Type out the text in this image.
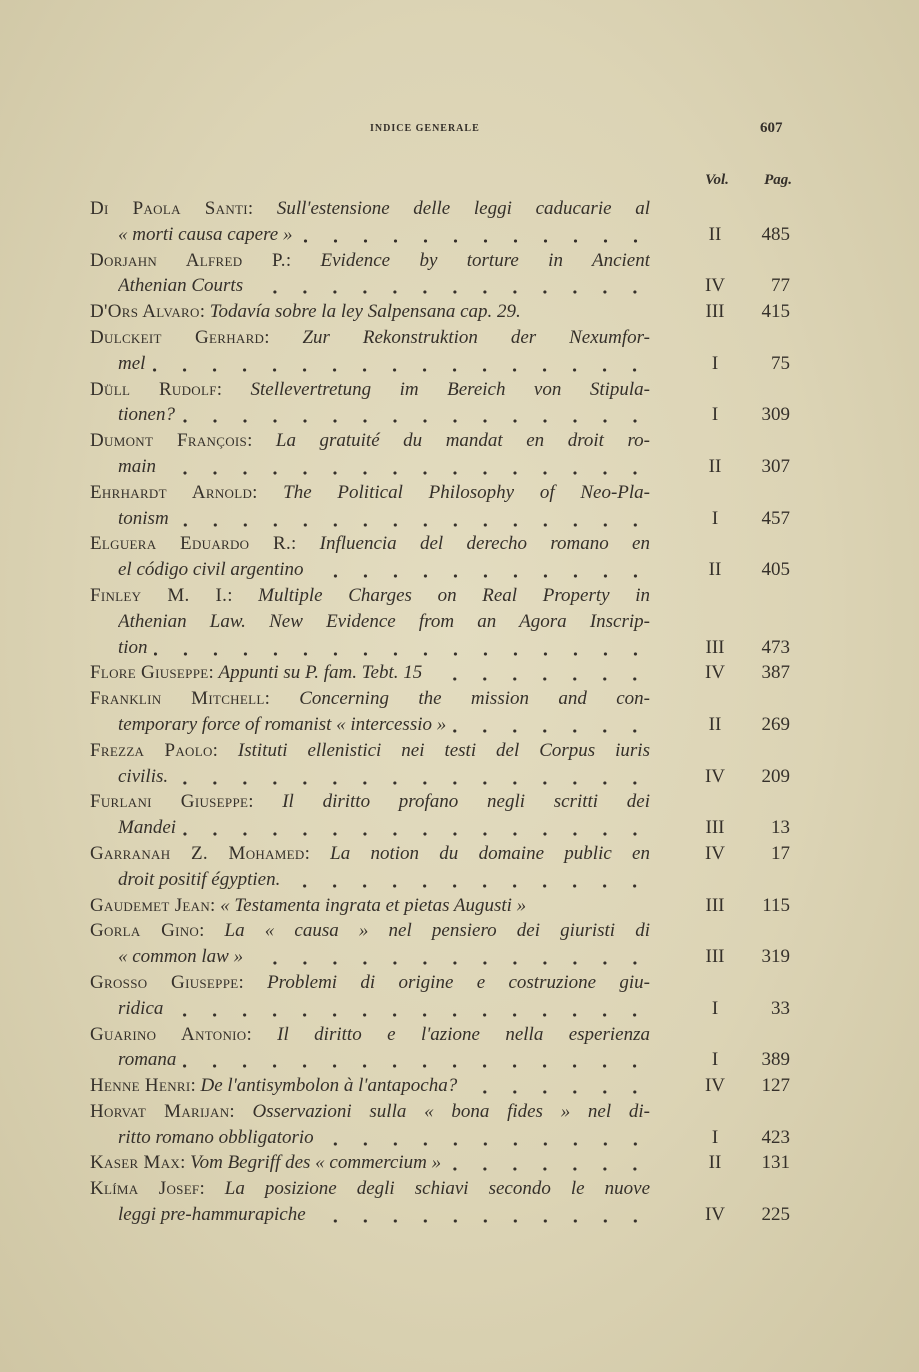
INDICE GENERALE	607
Vol.	Pag.
Di Paola Santi: Sull'estensione delle leggi caducarie al
« morti causa capere »	II	485
Dorjahn Alfred P.: Evidence by torture in Ancient
Athenian Courts	IV	77
D'Ors Alvaro : Todavía sobre la ley Salpensana cap. 29.	III	415
Dulckeit Gerhard: Zur Rekonstruktion der Nexumfor-
mel	I	75
Düll Rudolf: Stellevertretung im Bereich von Stipula-
tionen?	I	309
Dumont François: La gratuité du mandat en droit ro-
main	II	307
Ehrhardt Arnold: The Political Philosophy of Neo-Pla-
tonism	I	457
Elguera Eduardo R.: Influencia del derecho romano en
el código civil argentino	II	405
Finley M. I.: Multiple Charges on Real Property in
Athenian Law. New Evidence from an Agora Inscrip-
tion	III	473
Flore Giuseppe : Appunti su P. fam. Tebt. 15	IV	387
Franklin Mitchell: Concerning the mission and con-
temporary force of romanist « intercessio »	II	269
Frezza Paolo: Istituti ellenistici nei testi del Corpus iuris
civilis.	IV	209
Furlani Giuseppe: Il diritto profano negli scritti dei
Mandei	III	13
Garranah Z. Mohamed: La notion du domaine public en	IV	17
droit positif égyptien.
Gaudemet Jean : « Testamenta ingrata et pietas Augusti »	III	115
Gorla Gino: La « causa » nel pensiero dei giuristi di
« common law »	III	319
Grosso Giuseppe: Problemi di origine e costruzione giu-
ridica	I	33
Guarino Antonio: Il diritto e l'azione nella esperienza
romana	I	389
Henne Henri : De l'antisymbolon à l'antapocha?	IV	127
Horvat Marijan: Osservazioni sulla « bona fides » nel di-
ritto romano obbligatorio	I	423
Kaser Max : Vom Begriff des « commercium »	II	131
Klíma Josef: La posizione degli schiavi secondo le nuove
leggi pre-hammurapiche	IV	225
